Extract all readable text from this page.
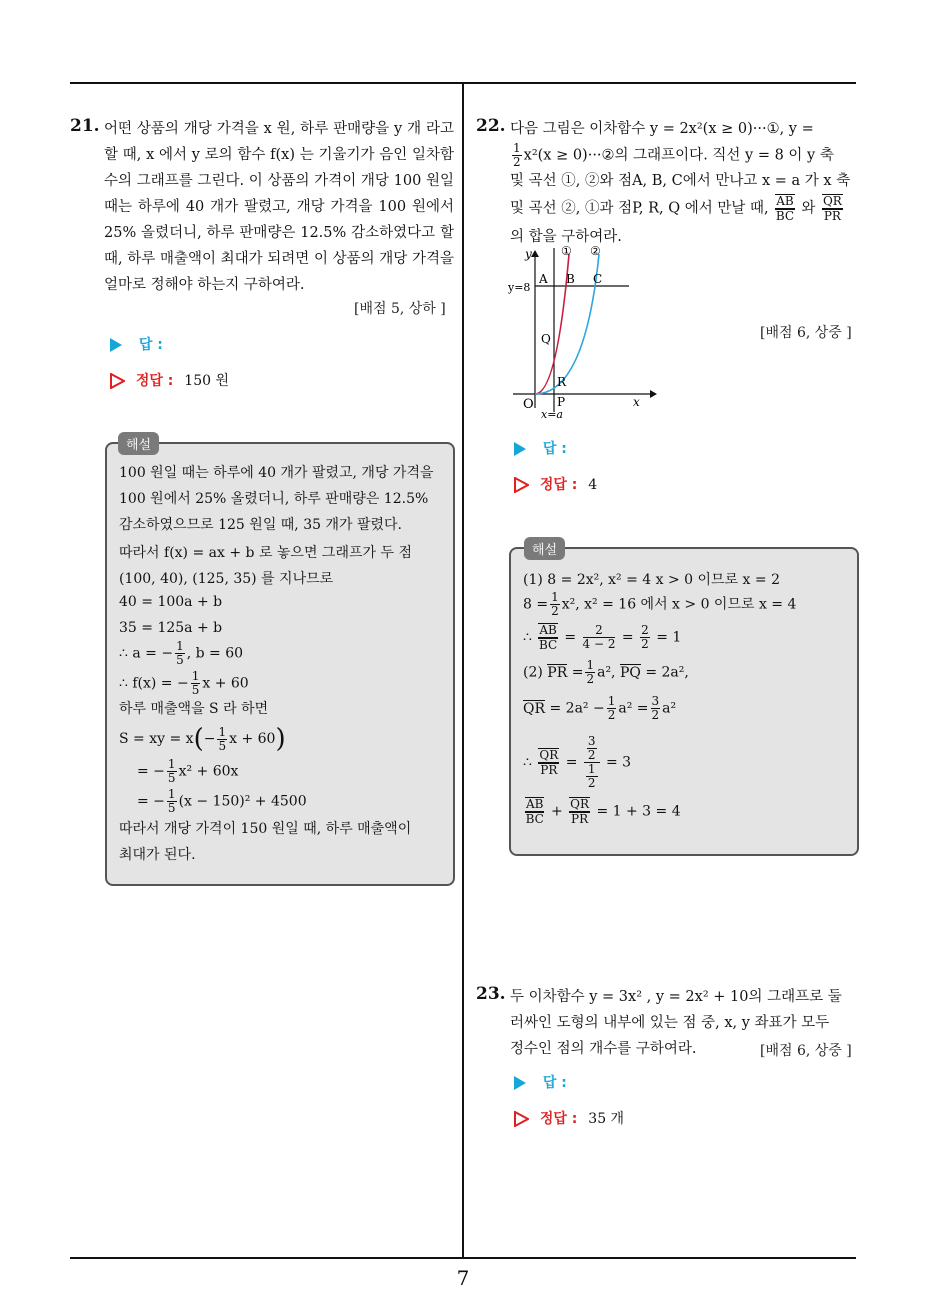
21. 어떤 상품의 개당 가격을 x 원, 하루 판매량을 y 개 라고 할 때, x 에서 y 로의 함수 f(x) 는 기울기가 음인 일차함수의 그래프를 그린다. 이 상품의 가격이 개당 100 원일 때는 하루에 40 개가 팔렸고, 개당 가격을 100 원에서 25% 올렸더니, 하루 판매량은 12.5% 감소하였다고 할 때, 하루 매출액이 최대가 되려면 이 상품의 개당 가격을 얼마로 정해야 하는지 구하여라.
[배점 5, 상하 ]
답 :
정답 : 150 원
해설
100 원일 때는 하루에 40 개가 팔렸고, 개당 가격을
100 원에서 25% 올렸더니, 하루 판매량은 12.5%
감소하였으므로 125 원일 때, 35 개가 팔렸다.
따라서 f(x) = ax + b 로 놓으면 그래프가 두 점
(100, 40), (125, 35) 를 지나므로
40 = 100a + b
35 = 125a + b
∴ a = − $\frac{1}{5}$ , b = 60
∴ f(x) = − $\frac{1}{5}$ x + 60
하루 매출액을 S 라 하면
S = xy = $x(- \frac{1}{5}$ x + 60)
= − $\frac{1}{5} x^2 + 60x$
= − $\frac{1}{5} (x - 150)^2 + 4500$
따라서 개당 가격이 150 원일 때, 하루 매출액이
최대가 된다.
22. 다음 그림은 이차함수 y = 2x²(x ≥ 0)···①, y =
$\frac{1}{2} x^2(x$ ≥ 0)···②의 그래프이다. 직선 y = 8 이 y 축
및 곡선 ①, ②와 점A, B, C에서 만나고 x = a 가 x 축
및 곡선 ②, ①과 점P, R, Q 에서 만날 때, $\frac{AB}{BC}$ 와 $\frac{QR}{PR}$
의 합을 구하여라.
y
x
O
① ②
y=8
x=a
A B C
P
Q
R
[배점 6, 상중 ]
답 :
정답 : 4
해설
(1) 8 = 2x², x² = 4 x > 0 이므로 x = 2
$8 = \frac{1}{2} x^2$, x² = 16 에서 x > 0 이므로 x = 4
∴ $\frac{AB}{BC} = \frac{2}{4 - 2} = \frac{2}{2} = 1$
(2) PR = $\frac{1}{2} a^2$, PQ = 2a²,
QR = $2a^2 - \frac{1}{2} a^2 = \frac{3}{2} a^2$
∴ $\frac{QR}{PR} = 3$
2
1
2 = 3
$\frac{AB}{BC} + \frac{QR}{PR} = 1 + 3 = 4$
23. 두 이차함수 y = 3x² , y = 2x² + 10의 그래프로 둘
러싸인 도형의 내부에 있는 점 중, x, y 좌표가 모두
정수인 점의 개수를 구하여라.	[배점 6, 상중 ]
답 :
정답 : 35 개
7
